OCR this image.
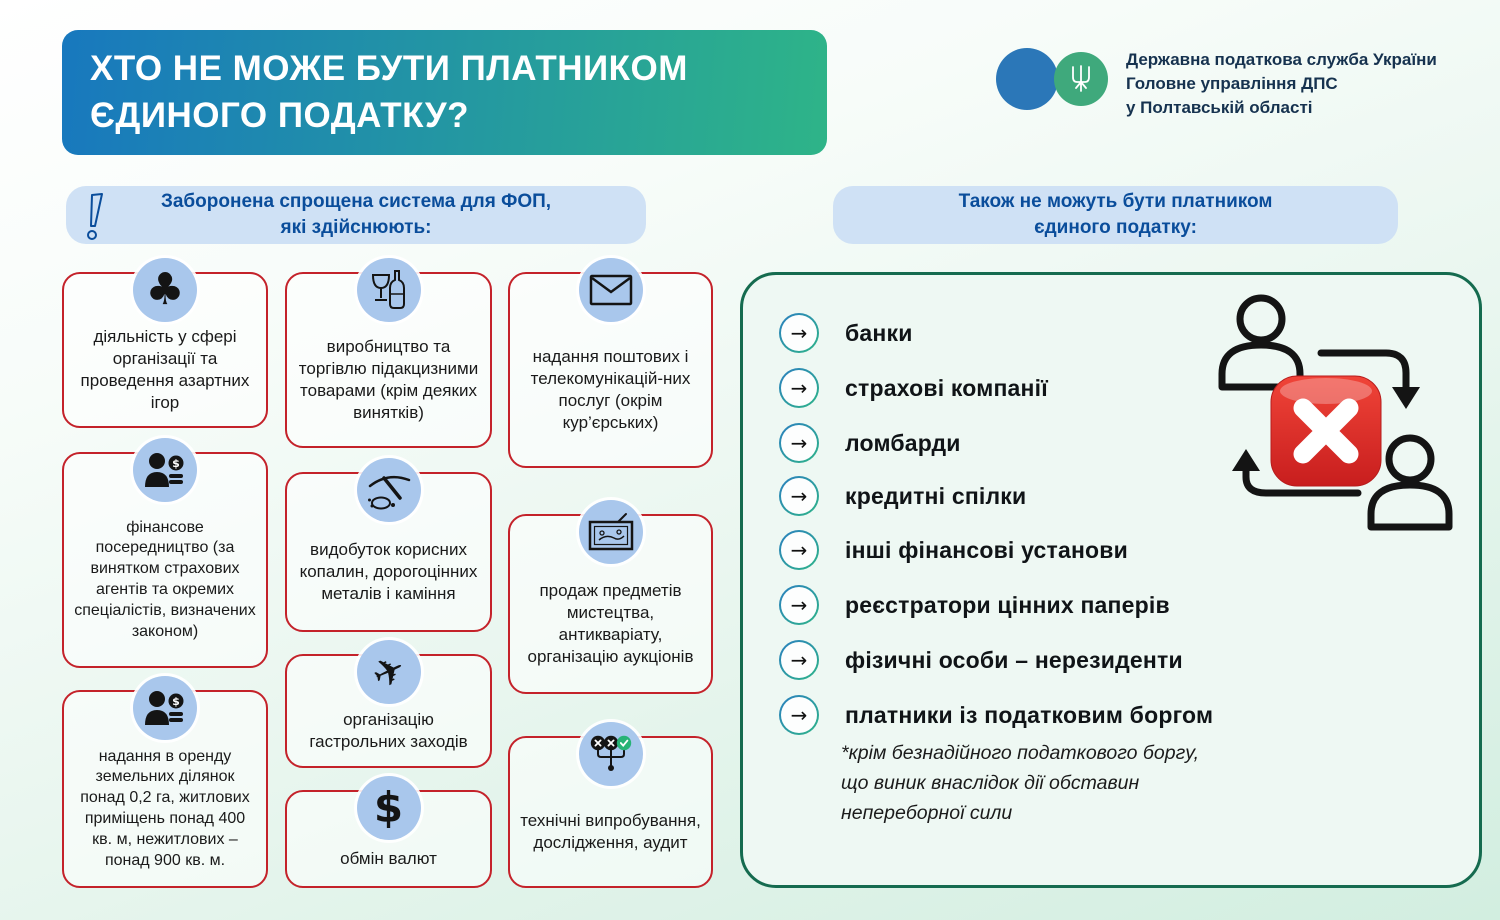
ХТО НЕ МОЖЕ БУТИ ПЛАТНИКОМ
ЄДИНОГО ПОДАТКУ?
Державна податкова служба України
Головне управління ДПС
у Полтавській області
Заборонена спрощена система для ФОП,
які здійснюють:
Також не можуть бути платником
єдиного податку:
♣
діяльність у сфері організації та проведення азартних ігор
$
фінансове посередництво (за винятком страхових агентів та окремих спеціалістів, визначених законом)
$
надання в оренду земельних ділянок понад 0,2 га, житлових приміщень понад 400 кв. м, нежитлових – понад 900 кв. м.
виробництво та торгівлю підакцизними товарами (крім деяких винятків)
видобуток корисних копалин, дорогоцінних металів і каміння
✈
організацію гастрольних заходів
$
обмін валют
надання поштових і телекомунікацій-них послуг (окрім кур’єрських)
продаж предметів мистецтва, антикваріату, організацію аукціонів
технічні випробування, дослідження, аудит
→ банки
→ страхові компанії
→ ломбарди
→ кредитні спілки
→ інші фінансові установи
→ реєстратори цінних паперів
→ фізичні особи – нерезиденти
→ платники із податковим боргом
*крім безнадійного податкового боргу,
що виник внаслідок дії обставин
непереборної сили
